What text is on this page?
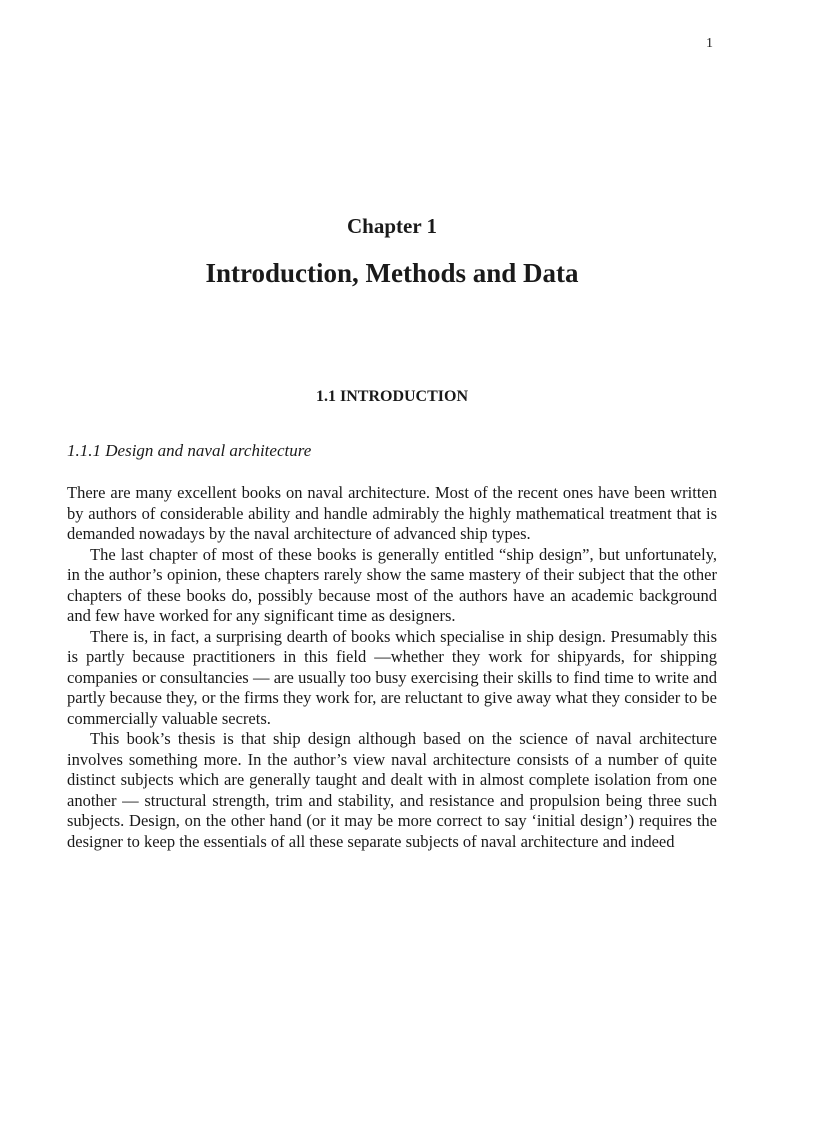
1
Chapter 1
Introduction, Methods and Data
1.1 INTRODUCTION
1.1.1 Design and naval architecture

There are many excellent books on naval architecture. Most of the recent ones have been written by authors of considerable ability and handle admirably the highly mathematical treatment that is demanded nowadays by the naval architecture of advanced ship types.

The last chapter of most of these books is generally entitled “ship design”, but unfortunately, in the author’s opinion, these chapters rarely show the same mastery of their subject that the other chapters of these books do, possibly because most of the authors have an academic background and few have worked for any significant time as designers.

There is, in fact, a surprising dearth of books which specialise in ship design. Presumably this is partly because practitioners in this field —whether they work for shipyards, for shipping companies or consultancies — are usually too busy exercising their skills to find time to write and partly because they, or the firms they work for, are reluctant to give away what they consider to be commercially valuable secrets.

This book’s thesis is that ship design although based on the science of naval architecture involves something more. In the author’s view naval architecture consists of a number of quite distinct subjects which are generally taught and dealt with in almost complete isolation from one another — structural strength, trim and stability, and resistance and propulsion being three such subjects. Design, on the other hand (or it may be more correct to say ‘initial design’) requires the designer to keep the essentials of all these separate subjects of naval architecture and indeed
